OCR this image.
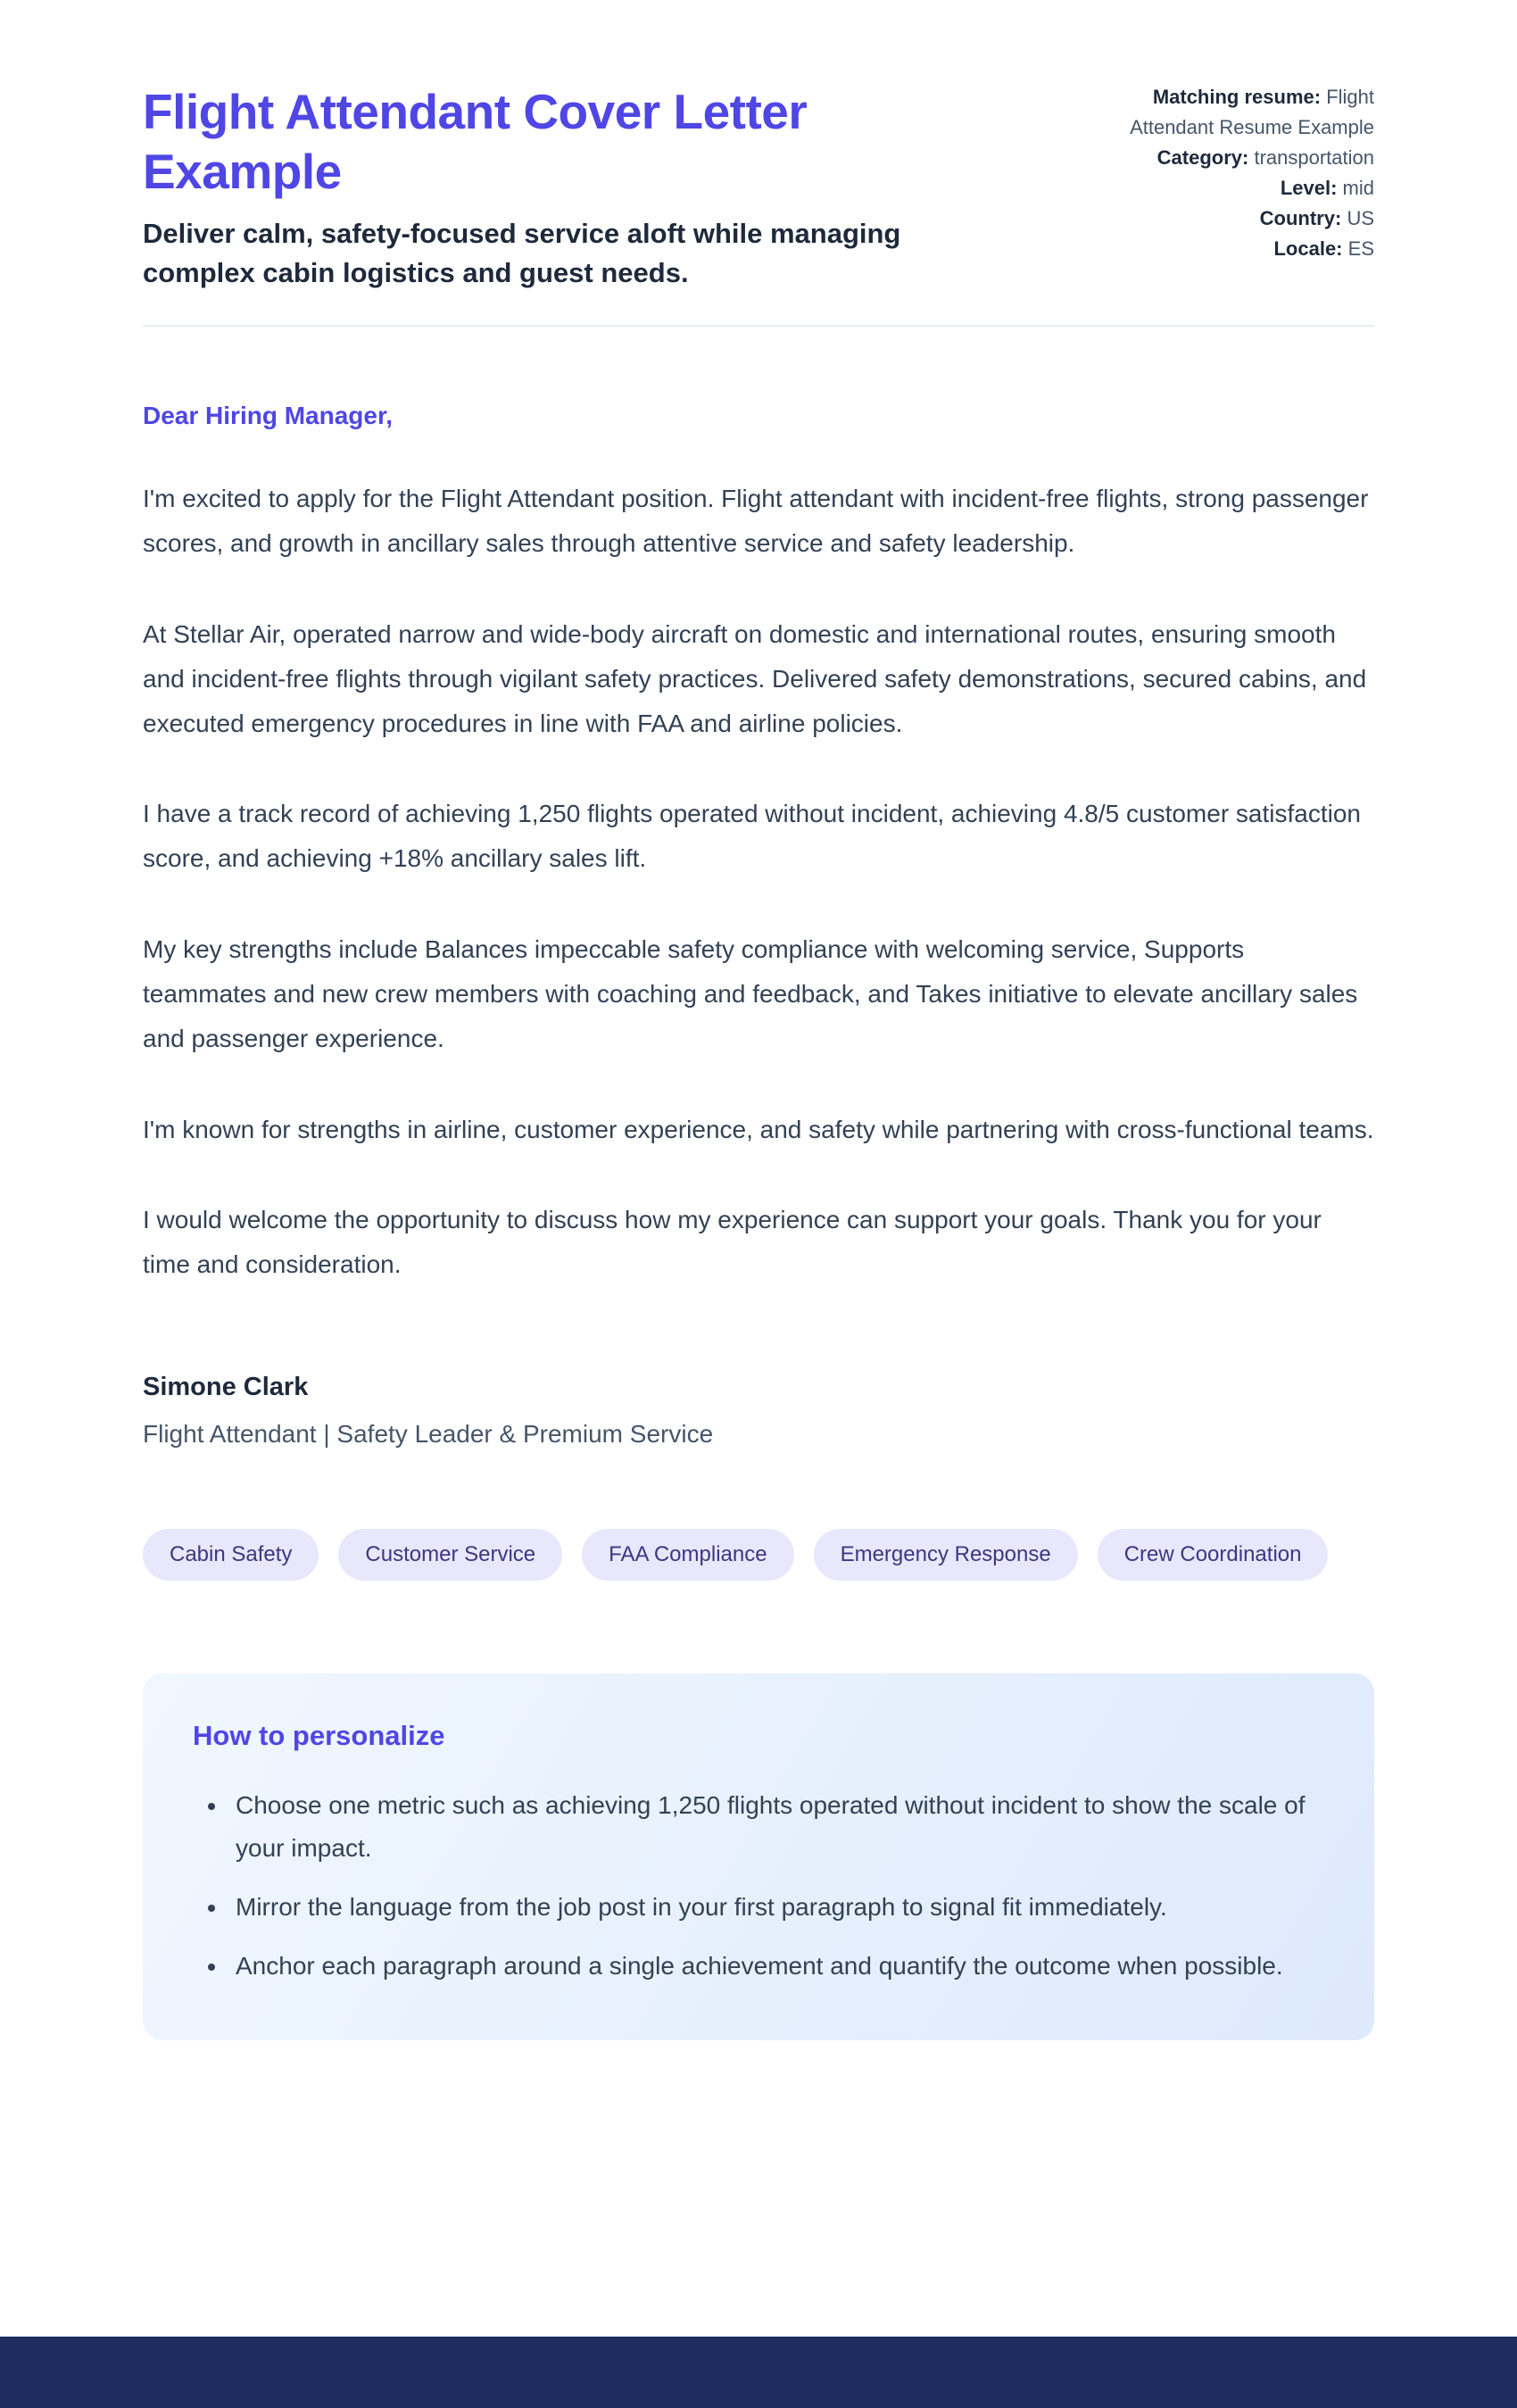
Flight Attendant Cover Letter Example

Deliver calm, safety-focused service aloft while managing complex cabin logistics and guest needs.

Matching resume: Flight Attendant Resume Example
Category: transportation
Level: mid
Country: US
Locale: ES

Dear Hiring Manager,

I'm excited to apply for the Flight Attendant position. Flight attendant with incident-free flights, strong passenger scores, and growth in ancillary sales through attentive service and safety leadership.

At Stellar Air, operated narrow and wide-body aircraft on domestic and international routes, ensuring smooth and incident-free flights through vigilant safety practices. Delivered safety demonstrations, secured cabins, and executed emergency procedures in line with FAA and airline policies.

I have a track record of achieving 1,250 flights operated without incident, achieving 4.8/5 customer satisfaction score, and achieving +18% ancillary sales lift.

My key strengths include Balances impeccable safety compliance with welcoming service, Supports teammates and new crew members with coaching and feedback, and Takes initiative to elevate ancillary sales and passenger experience.

I'm known for strengths in airline, customer experience, and safety while partnering with cross-functional teams.

I would welcome the opportunity to discuss how my experience can support your goals. Thank you for your time and consideration.

Simone Clark

Flight Attendant | Safety Leader & Premium Service

Cabin Safety	Customer Service	FAA Compliance	Emergency Response	Crew Coordination
How to personalize
• Choose one metric such as achieving 1,250 flights operated without incident to show the scale of your impact.
• Mirror the language from the job post in your first paragraph to signal fit immediately.
• Anchor each paragraph around a single achievement and quantify the outcome when possible.
